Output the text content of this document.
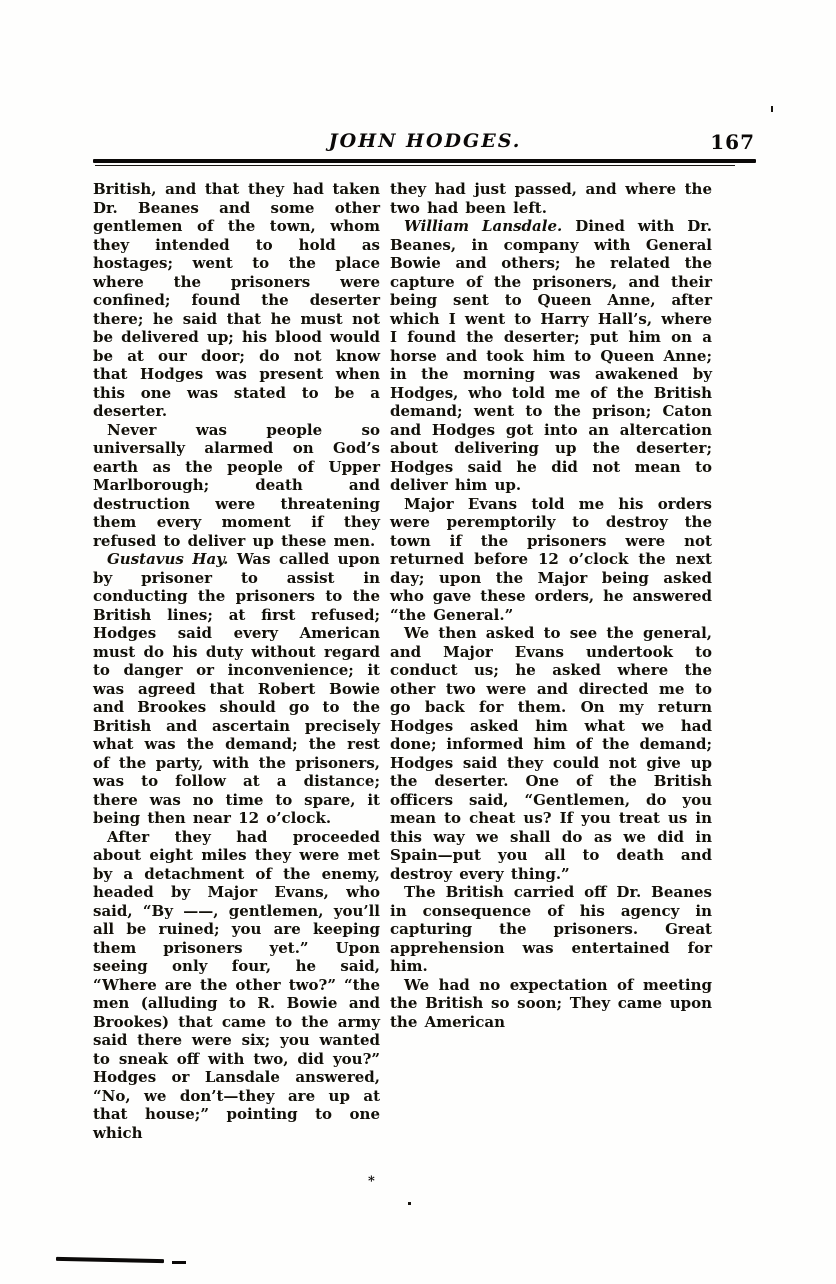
JOHN HODGES.	167

British, and that they had taken Dr. Beanes and some other gentlemen of the town, whom they intended to hold as hostages; went to the place where the prisoners were confined; found the deserter there; he said that he must not be delivered up; his blood would be at our door; do not know that Hodges was present when this one was stated to be a deserter.

Never was people so universally alarmed on God’s earth as the people of Upper Marlborough; death and destruction were threatening them every moment if they refused to deliver up these men.

Gustavus Hay. Was called upon by prisoner to assist in conducting the prisoners to the British lines; at first refused; Hodges said every American must do his duty without regard to danger or inconvenience; it was agreed that Robert Bowie and Brookes should go to the British and ascertain precisely what was the demand; the rest of the party, with the prisoners, was to follow at a distance; there was no time to spare, it being then near 12 o’clock.

After they had proceeded about eight miles they were met by a detachment of the enemy, headed by Major Evans, who said, “By ——, gentlemen, you’ll all be ruined; you are keeping them prisoners yet.” Upon seeing only four, he said, “Where are the other two?” “the men (alluding to R. Bowie and Brookes) that came to the army said there were six; you wanted to sneak off with two, did you?” Hodges or Lansdale answered, “No, we don’t—they are up at that house;” pointing to one which

they had just passed, and where the two had been left.

William Lansdale. Dined with Dr. Beanes, in company with General Bowie and others; he related the capture of the prisoners, and their being sent to Queen Anne, after which I went to Harry Hall’s, where I found the deserter; put him on a horse and took him to Queen Anne; in the morning was awakened by Hodges, who told me of the British demand; went to the prison; Caton and Hodges got into an altercation about delivering up the deserter; Hodges said he did not mean to deliver him up.

Major Evans told me his orders were peremptorily to destroy the town if the prisoners were not returned before 12 o’clock the next day; upon the Major being asked who gave these orders, he answered “the General.”

We then asked to see the general, and Major Evans undertook to conduct us; he asked where the other two were and directed me to go back for them. On my return Hodges asked him what we had done; informed him of the demand; Hodges said they could not give up the deserter. One of the British officers said, “Gentlemen, do you mean to cheat us? If you treat us in this way we shall do as we did in Spain—put you all to death and destroy every thing.”

The British carried off Dr. Beanes in consequence of his agency in capturing the prisoners. Great apprehension was entertained for him.

We had no expectation of meeting the British so soon; They came upon the American

*
